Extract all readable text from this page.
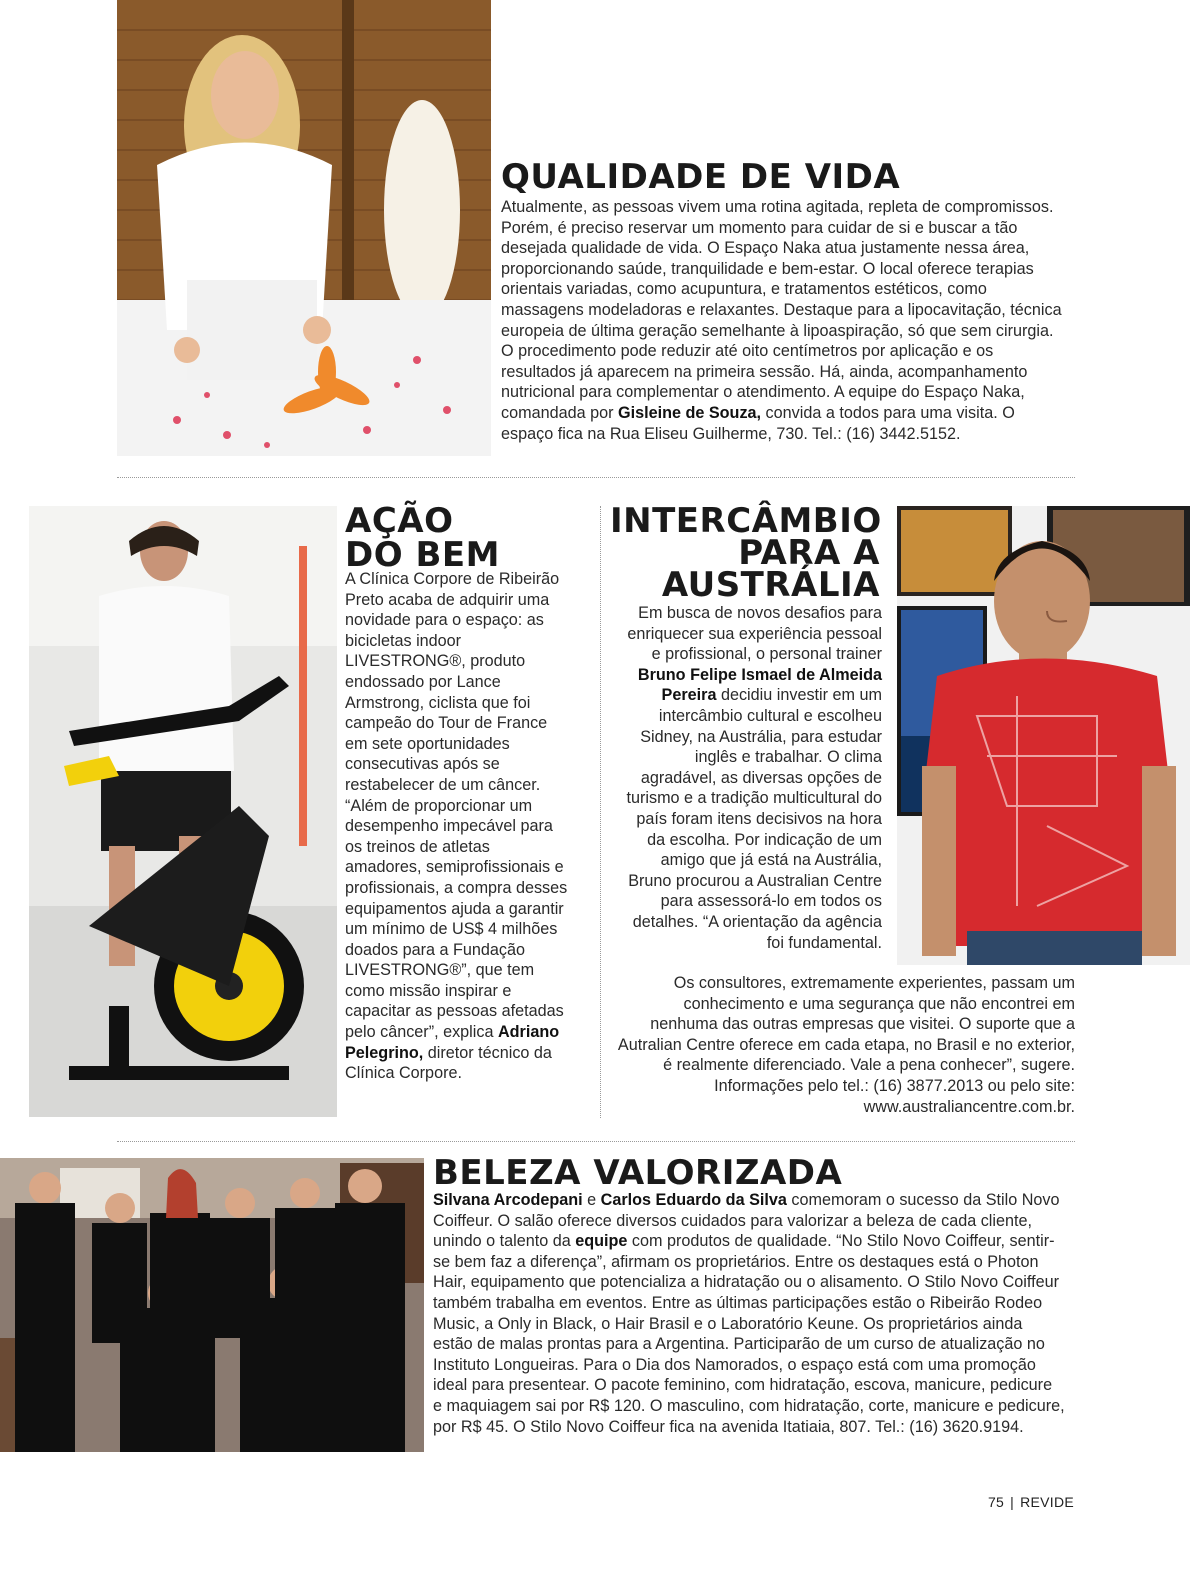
QUALIDADE DE VIDA

Atualmente, as pessoas vivem uma rotina agitada, repleta de compromissos. Porém, é preciso reservar um momento para cuidar de si e buscar a tão desejada qualidade de vida. O Espaço Naka atua justamente nessa área, proporcionando saúde, tranquilidade e bem-estar. O local oferece terapias orientais variadas, como acupuntura, e tratamentos estéticos, como massagens modeladoras e relaxantes. Destaque para a lipocavitação, técnica europeia de última geração semelhante à lipoaspiração, só que sem cirurgia. O procedimento pode reduzir até oito centímetros por aplicação e os resultados já aparecem na primeira sessão. Há, ainda, acompanhamento nutricional para complementar o atendimento. A equipe do Espaço Naka, comandada por Gisleine de Souza, convida a todos para uma visita. O espaço fica na Rua Eliseu Guilherme, 730. Tel.: (16) 3442.5152.

AÇÃO
DO BEM

A Clínica Corpore de Ribeirão Preto acaba de adquirir uma novidade para o espaço: as bicicletas indoor LIVESTRONG®, produto endossado por Lance Armstrong, ciclista que foi campeão do Tour de France em sete oportunidades consecutivas após se restabelecer de um câncer. “Além de proporcionar um desempenho impecável para os treinos de atletas amadores, semiprofissionais e profissionais, a compra desses equipamentos ajuda a garantir um mínimo de US$ 4 milhões doados para a Fundação LIVESTRONG®”, que tem como missão inspirar e capacitar as pessoas afetadas pelo câncer”, explica Adriano Pelegrino, diretor técnico da Clínica Corpore.

INTERCÂMBIO
PARA A
AUSTRÁLIA

Em busca de novos desafios para enriquecer sua experiência pessoal e profissional, o personal trainer Bruno Felipe Ismael de Almeida Pereira decidiu investir em um intercâmbio cultural e escolheu Sidney, na Austrália, para estudar inglês e trabalhar. O clima agradável, as diversas opções de turismo e a tradição multicultural do país foram itens decisivos na hora da escolha. Por indicação de um amigo que já está na Austrália, Bruno procurou a Australian Centre para assessorá-lo em todos os detalhes. “A orientação da agência foi fundamental.

Os consultores, extremamente experientes, passam um conhecimento e uma segurança que não encontrei em nenhuma das outras empresas que visitei. O suporte que a Autralian Centre oferece em cada etapa, no Brasil e no exterior, é realmente diferenciado. Vale a pena conhecer”, sugere. Informações pelo tel.: (16) 3877.2013 ou pelo site: www.australiancentre.com.br.

BELEZA VALORIZADA

Silvana Arcodepani e Carlos Eduardo da Silva comemoram o sucesso da Stilo Novo Coiffeur. O salão oferece diversos cuidados para valorizar a beleza de cada cliente, unindo o talento da equipe com produtos de qualidade. “No Stilo Novo Coiffeur, sentir-se bem faz a diferença”, afirmam os proprietários. Entre os destaques está o Photon Hair, equipamento que potencializa a hidratação ou o alisamento. O Stilo Novo Coiffeur também trabalha em eventos. Entre as últimas participações estão o Ribeirão Rodeo Music, a Only in Black, o Hair Brasil e o Laboratório Keune. Os proprietários ainda estão de malas prontas para a Argentina. Participarão de um curso de atualização no Instituto Longueiras. Para o Dia dos Namorados, o espaço está com uma promoção ideal para presentear. O pacote feminino, com hidratação, escova, manicure, pedicure e maquiagem sai por R$ 120. O masculino, com hidratação, corte, manicure e pedicure, por R$ 45. O Stilo Novo Coiffeur fica na avenida Itatiaia, 807. Tel.: (16) 3620.9194.

75 | REVIDE
